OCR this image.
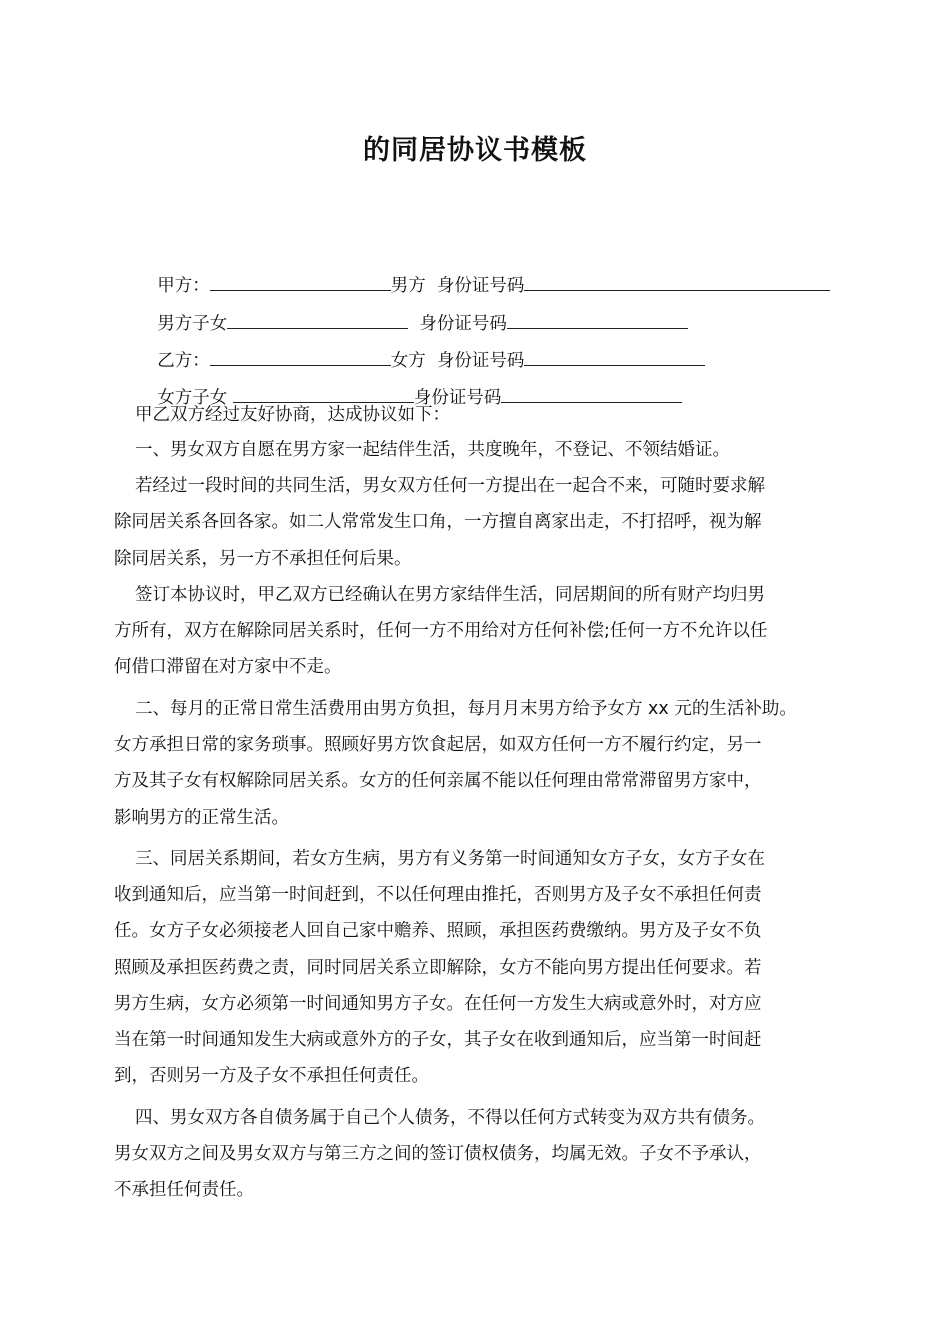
的同居协议书模板

甲方：	男方  身份证号码

男方子女	身份证号码

乙方：	女方  身份证号码

女方子女	身份证号码

甲乙双方经过友好协商，达成协议如下：
一、男女双方自愿在男方家一起结伴生活，共度晚年，不登记、不领结婚证。
若经过一段时间的共同生活，男女双方任何一方提出在一起合不来，可随时要求解
除同居关系各回各家。如二人常常发生口角，一方擅自离家出走，不打招呼，视为解
除同居关系，另一方不承担任何后果。
签订本协议时，甲乙双方已经确认在男方家结伴生活，同居期间的所有财产均归男
方所有，双方在解除同居关系时，任何一方不用给对方任何补偿;任何一方不允许以任
何借口滞留在对方家中不走。
二、每月的正常日常生活费用由男方负担，每月月末男方给予女方 xx 元的生活补助。
女方承担日常的家务琐事。照顾好男方饮食起居，如双方任何一方不履行约定，另一
方及其子女有权解除同居关系。女方的任何亲属不能以任何理由常常滞留男方家中，
影响男方的正常生活。
三、同居关系期间，若女方生病，男方有义务第一时间通知女方子女，女方子女在
收到通知后，应当第一时间赶到，不以任何理由推托，否则男方及子女不承担任何责
任。女方子女必须接老人回自己家中赡养、照顾，承担医药费缴纳。男方及子女不负
照顾及承担医药费之责，同时同居关系立即解除，女方不能向男方提出任何要求。若
男方生病，女方必须第一时间通知男方子女。在任何一方发生大病或意外时，对方应
当在第一时间通知发生大病或意外方的子女，其子女在收到通知后，应当第一时间赶
到，否则另一方及子女不承担任何责任。
四、男女双方各自债务属于自己个人债务，不得以任何方式转变为双方共有债务。
男女双方之间及男女双方与第三方之间的签订债权债务，均属无效。子女不予承认，
不承担任何责任。
